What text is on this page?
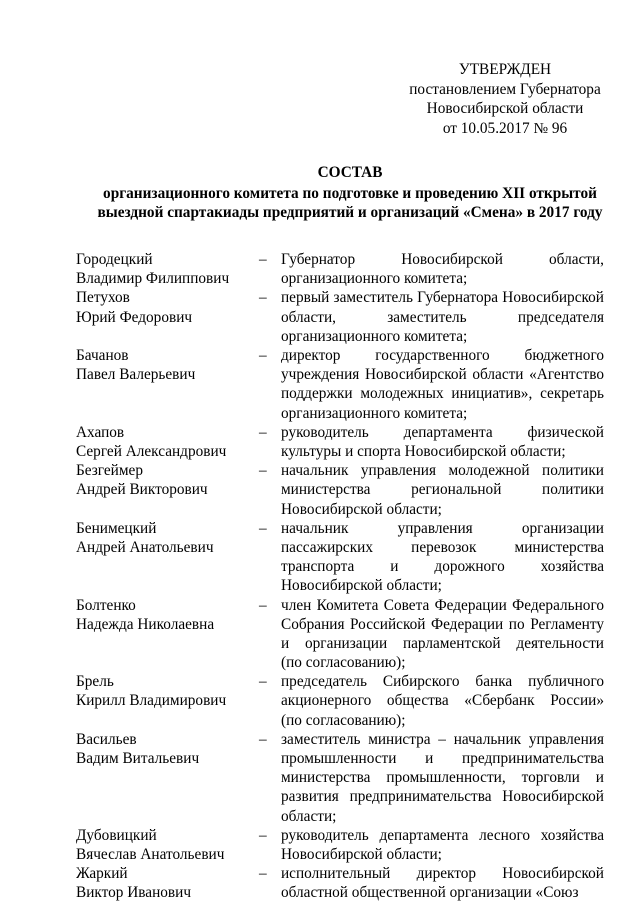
УТВЕРЖДЕН
постановлением Губернатора
Новосибирской области
от 10.05.2017 № 96
СОСТАВ
организационного комитета по подготовке и проведению XII открытой
выездной спартакиады предприятий и организаций «Смена» в 2017 году
Городецкий
Владимир Филиппович
– Губернатор Новосибирской области,
организационного комитета;
Петухов
Юрий Федорович
– первый заместитель Губернатора Новосибирской
области, заместитель председателя
организационного комитета;
Бачанов
Павел Валерьевич
– директор государственного бюджетного
учреждения Новосибирской области «Агентство
поддержки молодежных инициатив», секретарь
организационного комитета;
Ахапов
Сергей Александрович
– руководитель департамента физической
культуры и спорта Новосибирской области;
Безгеймер
Андрей Викторович
– начальник управления молодежной политики
министерства региональной политики
Новосибирской области;
Бенимецкий
Андрей Анатольевич
– начальник управления организации
пассажирских перевозок министерства
транспорта и дорожного хозяйства
Новосибирской области;
Болтенко
Надежда Николаевна
– член Комитета Совета Федерации Федерального
Собрания Российской Федерации по Регламенту
и организации парламентской деятельности
(по согласованию);
Брель
Кирилл Владимирович
– председатель Сибирского банка публичного
акционерного общества «Сбербанк России»
(по согласованию);
Васильев
Вадим Витальевич
– заместитель министра – начальник управления
промышленности и предпринимательства
министерства промышленности, торговли и
развития предпринимательства Новосибирской
области;
Дубовицкий
Вячеслав Анатольевич
– руководитель департамента лесного хозяйства
Новосибирской области;
Жаркий
Виктор Иванович
– исполнительный директор Новосибирской
областной общественной организации «Союз
